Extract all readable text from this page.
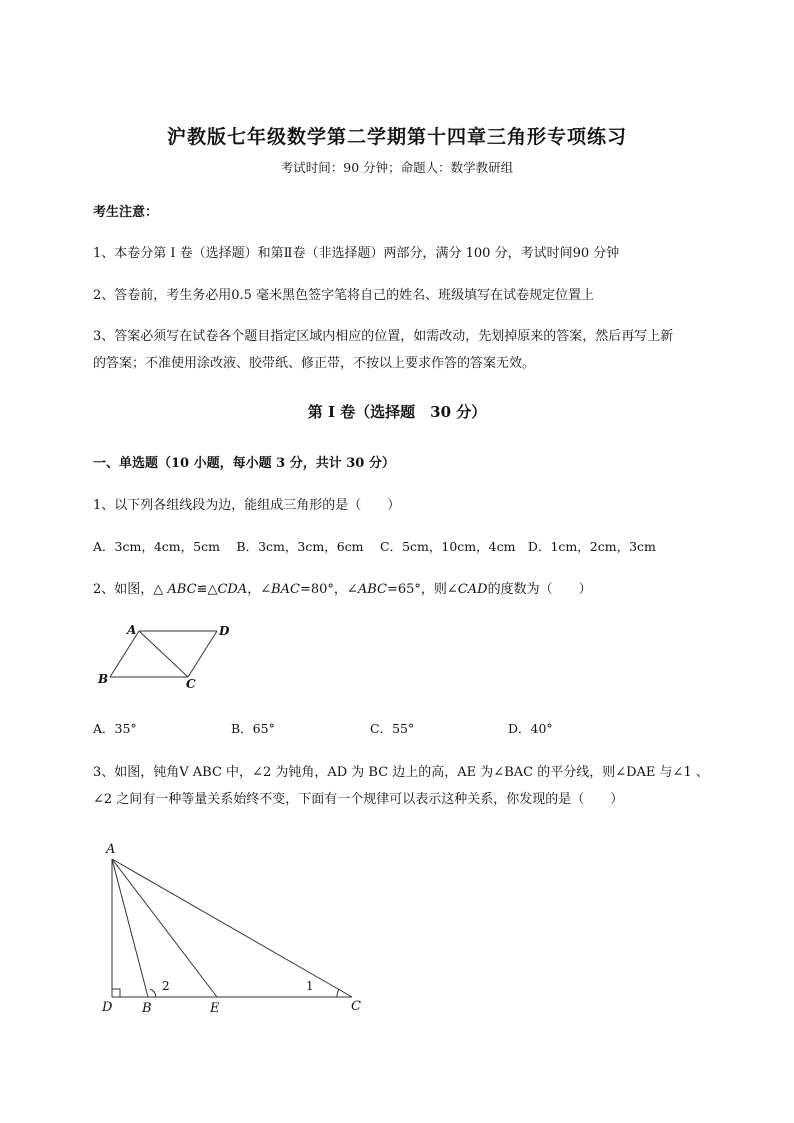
沪教版七年级数学第二学期第十四章三角形专项练习
考试时间：90 分钟；命题人：数学教研组
考生注意：
1、本卷分第 I 卷（选择题）和第Ⅱ卷（非选择题）两部分，满分 100 分，考试时间90 分钟
2、答卷前，考生务必用0.5 毫米黑色签字笔将自己的姓名、班级填写在试卷规定位置上
3、答案必须写在试卷各个题目指定区域内相应的位置，如需改动，先划掉原来的答案，然后再写上新
的答案；不准使用涂改液、胶带纸、修正带，不按以上要求作答的答案无效。
第 I 卷（选择题　30 分）
一、单选题（10 小题，每小题 3 分，共计 30 分）
1、以下列各组线段为边，能组成三角形的是（　　）
A．3cm，4cm，5cm　 B．3cm，3cm，6cm　 C．5cm，10cm，4cm　D．1cm，2cm，3cm
2、如图，△ ABC≌△CDA，∠BAC=80°，∠ABC=65°，则∠CAD的度数为（　　）
A	D
B	C
A．35°	B．65°	C．55°	D．40°
3、如图，钝角V ABC 中，∠2 为钝角，AD 为 BC 边上的高，AE 为∠BAC 的平分线，则∠DAE 与∠1 、
∠2 之间有一种等量关系始终不变，下面有一个规律可以表示这种关系，你发现的是（　　）
A
D B	E	C
2	1
